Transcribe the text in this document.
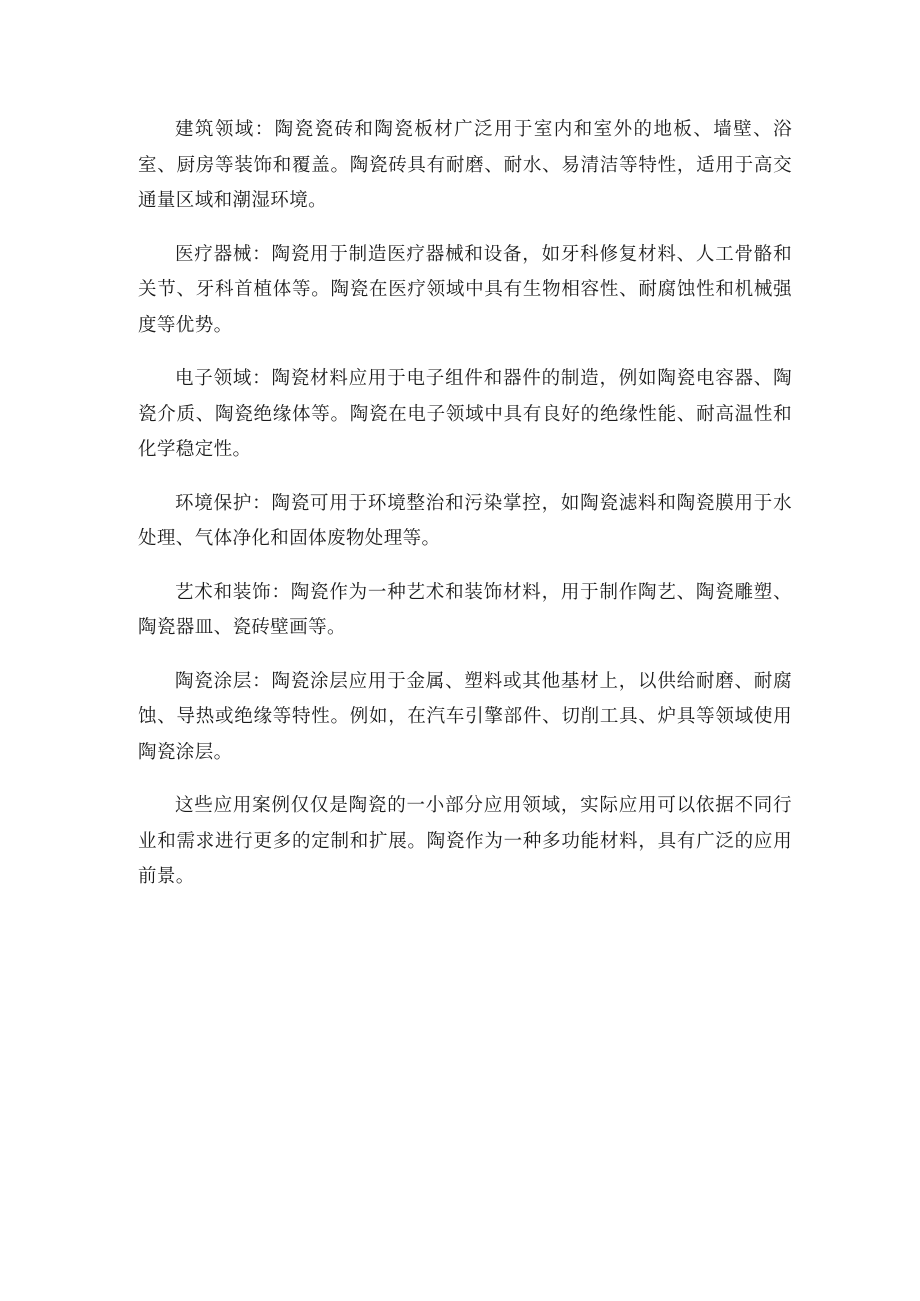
建筑领域：陶瓷瓷砖和陶瓷板材广泛用于室内和室外的地板、墙壁、浴室、厨房等装饰和覆盖。陶瓷砖具有耐磨、耐水、易清洁等特性，适用于高交通量区域和潮湿环境。

医疗器械：陶瓷用于制造医疗器械和设备，如牙科修复材料、人工骨骼和关节、牙科首植体等。陶瓷在医疗领域中具有生物相容性、耐腐蚀性和机械强度等优势。

电子领域：陶瓷材料应用于电子组件和器件的制造，例如陶瓷电容器、陶瓷介质、陶瓷绝缘体等。陶瓷在电子领域中具有良好的绝缘性能、耐高温性和化学稳定性。

环境保护：陶瓷可用于环境整治和污染掌控，如陶瓷滤料和陶瓷膜用于水处理、气体净化和固体废物处理等。

艺术和装饰：陶瓷作为一种艺术和装饰材料，用于制作陶艺、陶瓷雕塑、陶瓷器皿、瓷砖壁画等。

陶瓷涂层：陶瓷涂层应用于金属、塑料或其他基材上，以供给耐磨、耐腐蚀、导热或绝缘等特性。例如，在汽车引擎部件、切削工具、炉具等领域使用陶瓷涂层。

这些应用案例仅仅是陶瓷的一小部分应用领域，实际应用可以依据不同行业和需求进行更多的定制和扩展。陶瓷作为一种多功能材料，具有广泛的应用前景。
